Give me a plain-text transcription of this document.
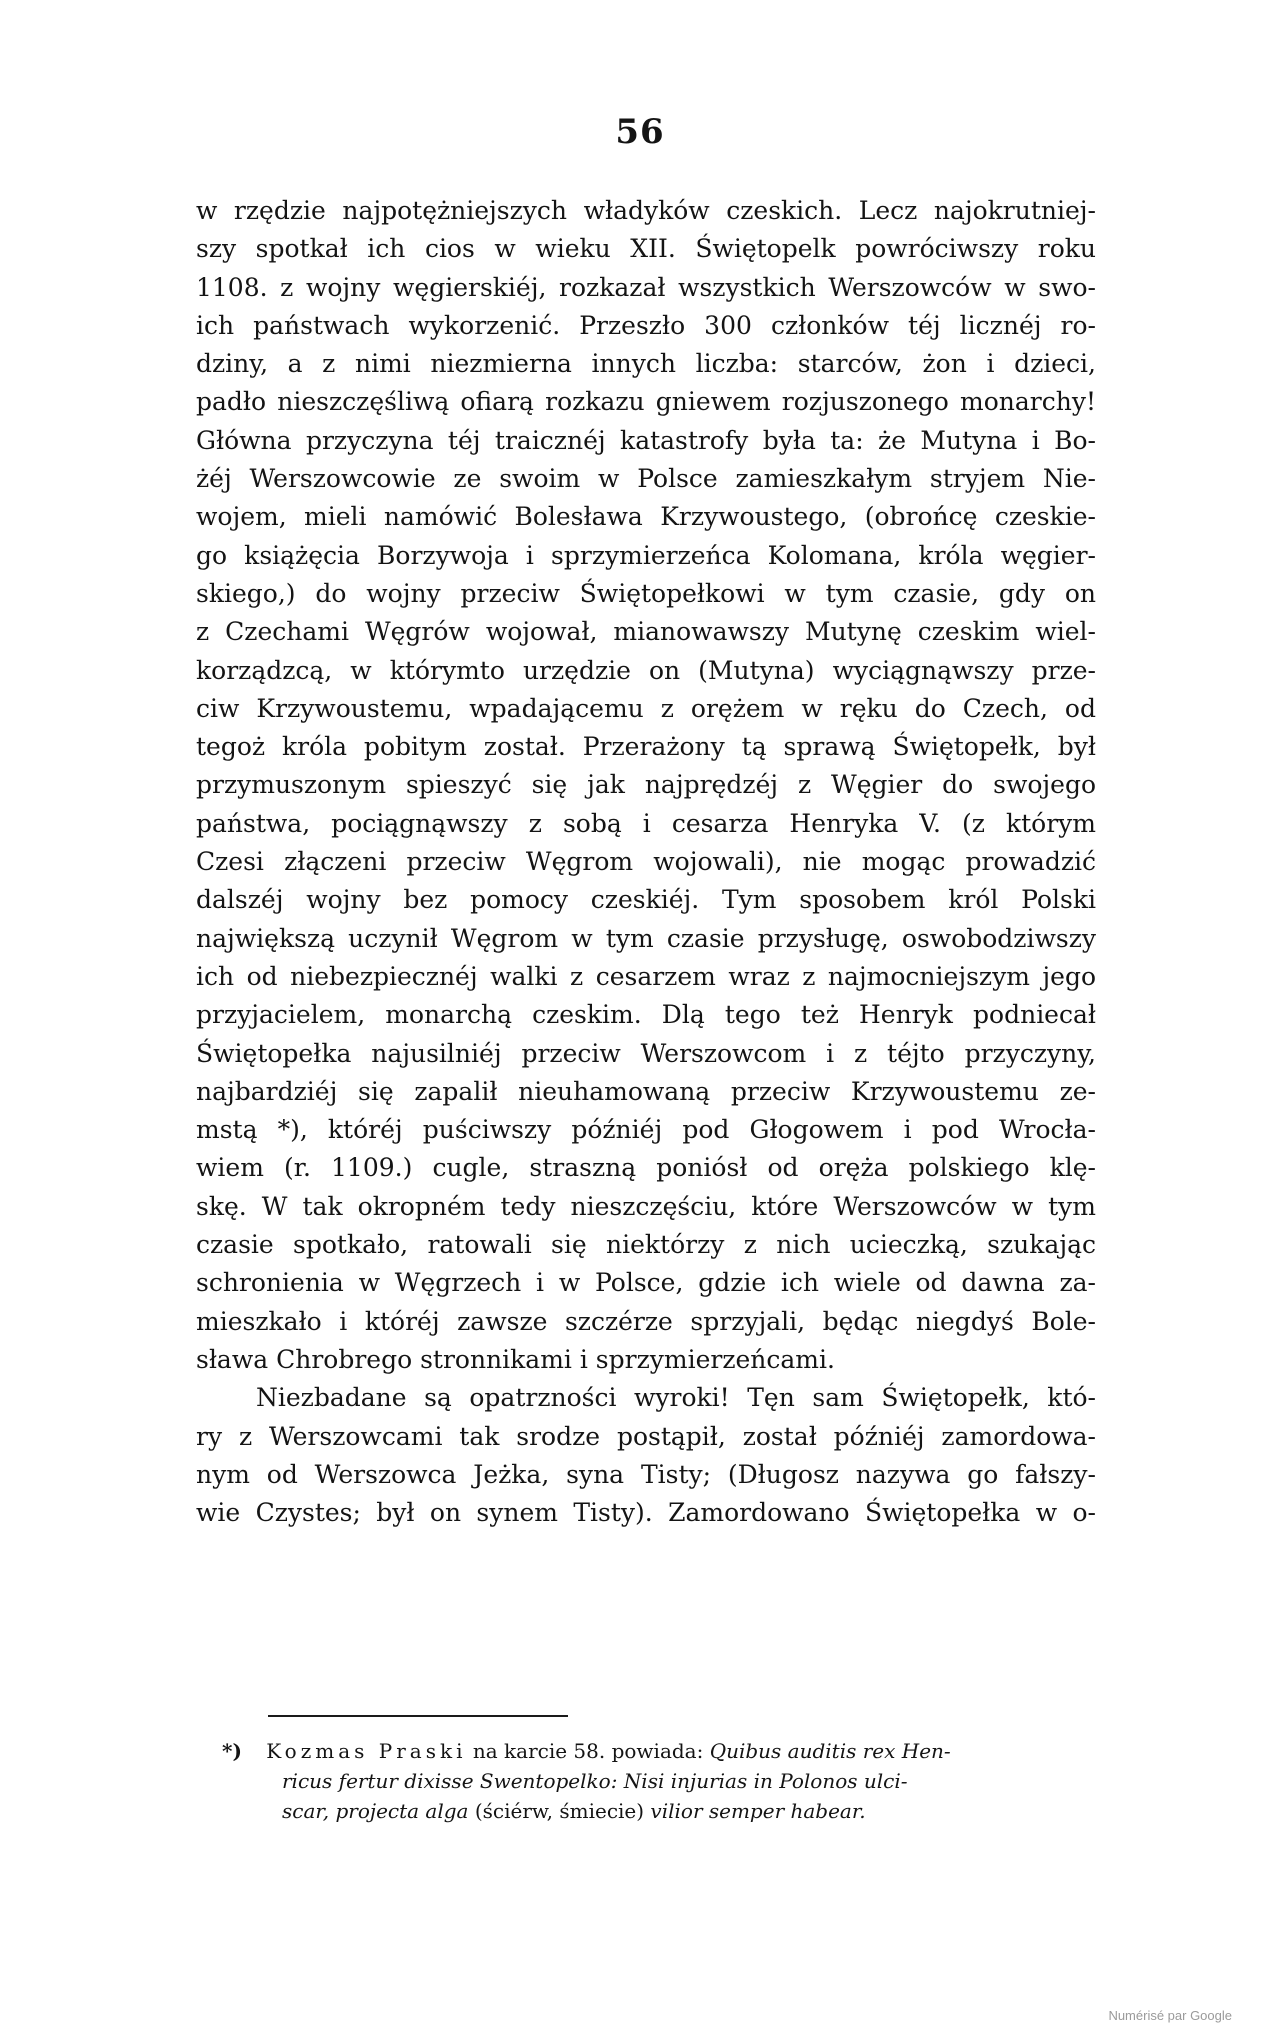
56
w rzędzie najpotężniejszych władyków czeskich. Lecz najokrutniej-
szy spotkał ich cios w wieku XII. Świętopelk powróciwszy roku
1108. z wojny węgierskiéj, rozkazał wszystkich Werszowców w swo-
ich państwach wykorzenić. Przeszło 300 członków téj licznéj ro-
dziny, a z nimi niezmierna innych liczba: starców, żon i dzieci,
padło nieszczęśliwą ofiarą rozkazu gniewem rozjuszonego monarchy!
Główna przyczyna téj traicznéj katastrofy była ta: że Mutyna i Bo-
żéj Werszowcowie ze swoim w Polsce zamieszkałym stryjem Nie-
wojem, mieli namówić Bolesława Krzywoustego, (obrońcę czeskie-
go książęcia Borzywoja i sprzymierzeńca Kolomana, króla węgier-
skiego,) do wojny przeciw Świętopełkowi w tym czasie, gdy on
z Czechami Węgrów wojował, mianowawszy Mutynę czeskim wiel-
korządzcą, w którymto urzędzie on (Mutyna) wyciągnąwszy prze-
ciw Krzywoustemu, wpadającemu z orężem w ręku do Czech, od
tegoż króla pobitym został. Przerażony tą sprawą Świętopełk, był
przymuszonym spieszyć się jak najprędzéj z Węgier do swojego
państwa, pociągnąwszy z sobą i cesarza Henryka V. (z którym
Czesi złączeni przeciw Węgrom wojowali), nie mogąc prowadzić
dalszéj wojny bez pomocy czeskiéj. Tym sposobem król Polski
największą uczynił Węgrom w tym czasie przysługę, oswobodziwszy
ich od niebezpiecznéj walki z cesarzem wraz z najmocniejszym jego
przyjacielem, monarchą czeskim. Dlą tego też Henryk podniecał
Świętopełka najusilniéj przeciw Werszowcom i z téjto przyczyny,
najbardziéj się zapalił nieuhamowaną przeciw Krzywoustemu ze-
mstą *), któréj puściwszy późniéj pod Głogowem i pod Wrocła-
wiem (r. 1109.) cugle, straszną poniósł od oręża polskiego klę-
skę. W tak okropném tedy nieszczęściu, które Werszowców w tym
czasie spotkało, ratowali się niektórzy z nich ucieczką, szukając
schronienia w Węgrzech i w Polsce, gdzie ich wiele od dawna za-
mieszkało i któréj zawsze szczérze sprzyjali, będąc niegdyś Bole-
sława Chrobrego stronnikami i sprzymierzeńcami.
Niezbadane są opatrzności wyroki! Tęn sam Świętopełk, któ-
ry z Werszowcami tak srodze postąpił, został późniéj zamordowa-
nym od Werszowca Jeżka, syna Tisty; (Długosz nazywa go fałszy-
wie Czystes; był on synem Tisty). Zamordowano Świętopełka w o-
*) Kozmas Praski na karcie 58. powiada: Quibus auditis rex Hen-
ricus fertur dixisse Swentopelko: Nisi injurias in Polonos ulci-
scar, projecta alga (ściérw, śmiecie) vilior semper habear.
Numérisé par Google
